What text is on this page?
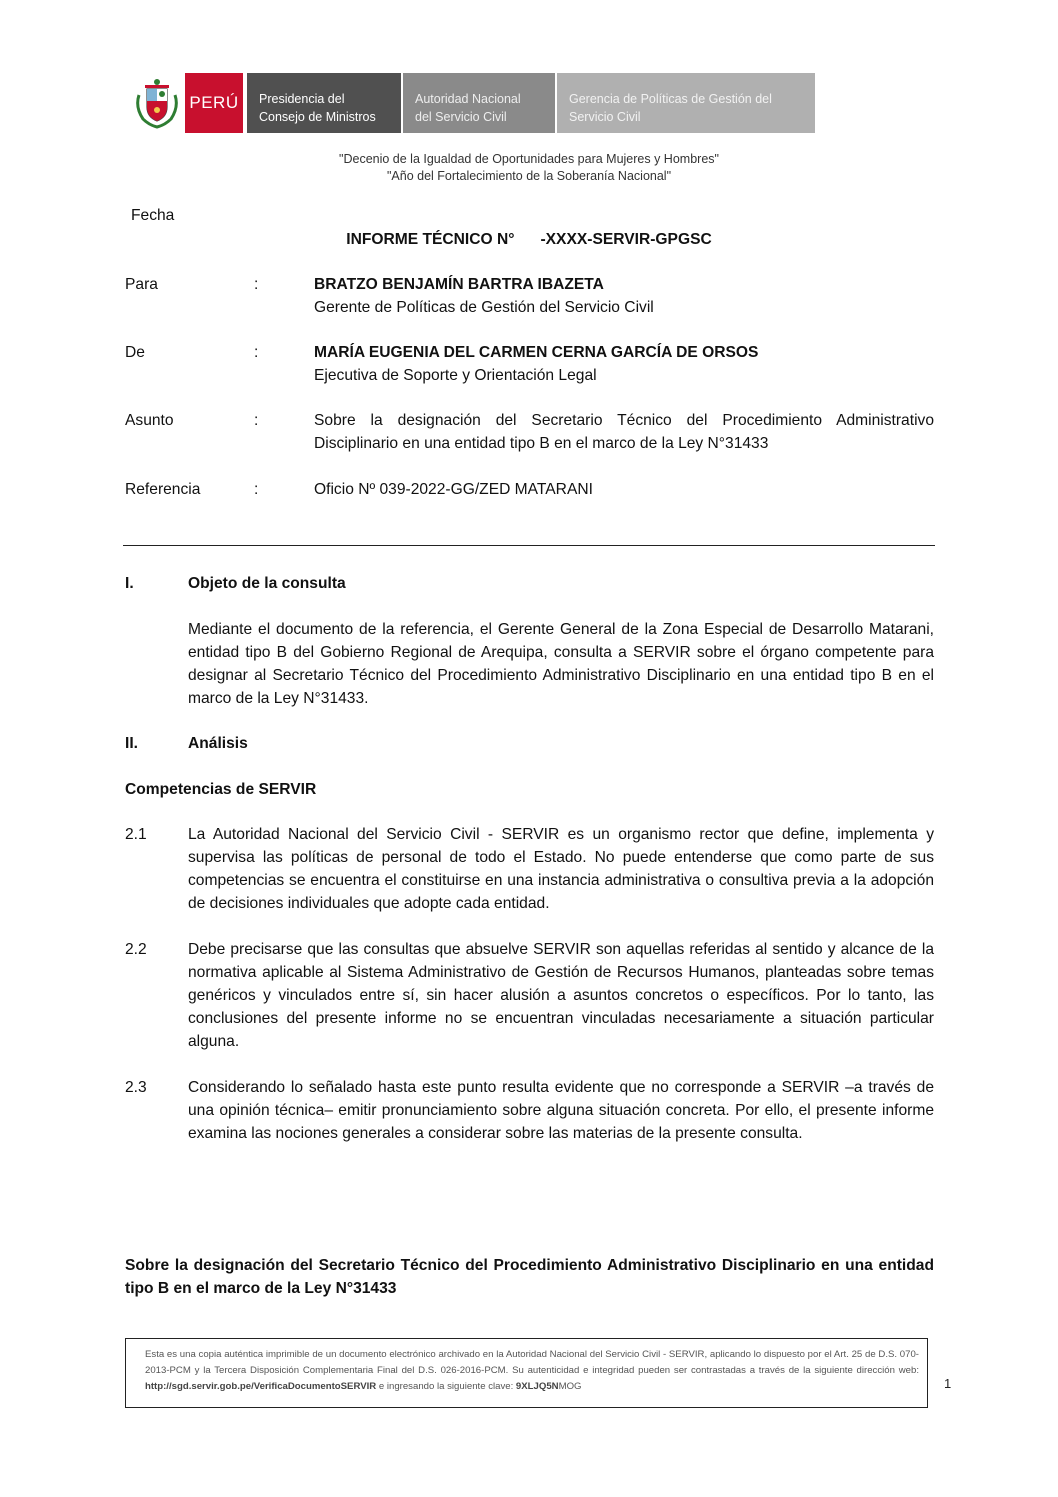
PERÚ Presidencia del
Consejo de Ministros
Autoridad Nacional
del Servicio Civil
Gerencia de Políticas de Gestión del
Servicio Civil
"Decenio de la Igualdad de Oportunidades para Mujeres y Hombres"
"Año del Fortalecimiento de la Soberanía Nacional"
Fecha
INFORME TÉCNICO N°      -XXXX-SERVIR-GPGSC
Para	:	BRATZO BENJAMÍN BARTRA IBAZETA
Gerente de Políticas de Gestión del Servicio Civil
De	:	MARÍA EUGENIA DEL CARMEN CERNA GARCÍA DE ORSOS
Ejecutiva de Soporte y Orientación Legal
Asunto	:	Sobre la designación del Secretario Técnico del Procedimiento Administrativo
Disciplinario en una entidad tipo B en el marco de la Ley N°31433
Referencia	:	Oficio Nº 039-2022-GG/ZED MATARANI
I.	Objeto de la consulta
Mediante el documento de la referencia, el Gerente General de la Zona Especial de Desarrollo Matarani, entidad tipo B del Gobierno Regional de Arequipa, consulta a SERVIR sobre el órgano competente para designar al Secretario Técnico del Procedimiento Administrativo Disciplinario en una entidad tipo B en el marco de la Ley N°31433.
II.	Análisis
Competencias de SERVIR
2.1	La Autoridad Nacional del Servicio Civil - SERVIR es un organismo rector que define, implementa y supervisa las políticas de personal de todo el Estado. No puede entenderse que como parte de sus competencias se encuentra el constituirse en una instancia administrativa o consultiva previa a la adopción de decisiones individuales que adopte cada entidad.
2.2	Debe precisarse que las consultas que absuelve SERVIR son aquellas referidas al sentido y alcance de la normativa aplicable al Sistema Administrativo de Gestión de Recursos Humanos, planteadas sobre temas genéricos y vinculados entre sí, sin hacer alusión a asuntos concretos o específicos. Por lo tanto, las conclusiones del presente informe no se encuentran vinculadas necesariamente a situación particular alguna.
2.3	Considerando lo señalado hasta este punto resulta evidente que no corresponde a SERVIR –a través de una opinión técnica– emitir pronunciamiento sobre alguna situación concreta. Por ello, el presente informe examina las nociones generales a considerar sobre las materias de la presente consulta.
Sobre la designación del Secretario Técnico del Procedimiento Administrativo Disciplinario en una entidad tipo B en el marco de la Ley N°31433
Esta es una copia auténtica imprimible de un documento electrónico archivado en la Autoridad Nacional del Servicio Civil - SERVIR, aplicando lo dispuesto por el Art. 25 de D.S. 070-2013-PCM y la Tercera Disposición Complementaria Final del D.S. 026-2016-PCM. Su autenticidad e integridad pueden ser contrastadas a través de la siguiente dirección web: http://sgd.servir.gob.pe/VerificaDocumentoSERVIR e ingresando la siguiente clave: 9XLJQ5NMOG	1
